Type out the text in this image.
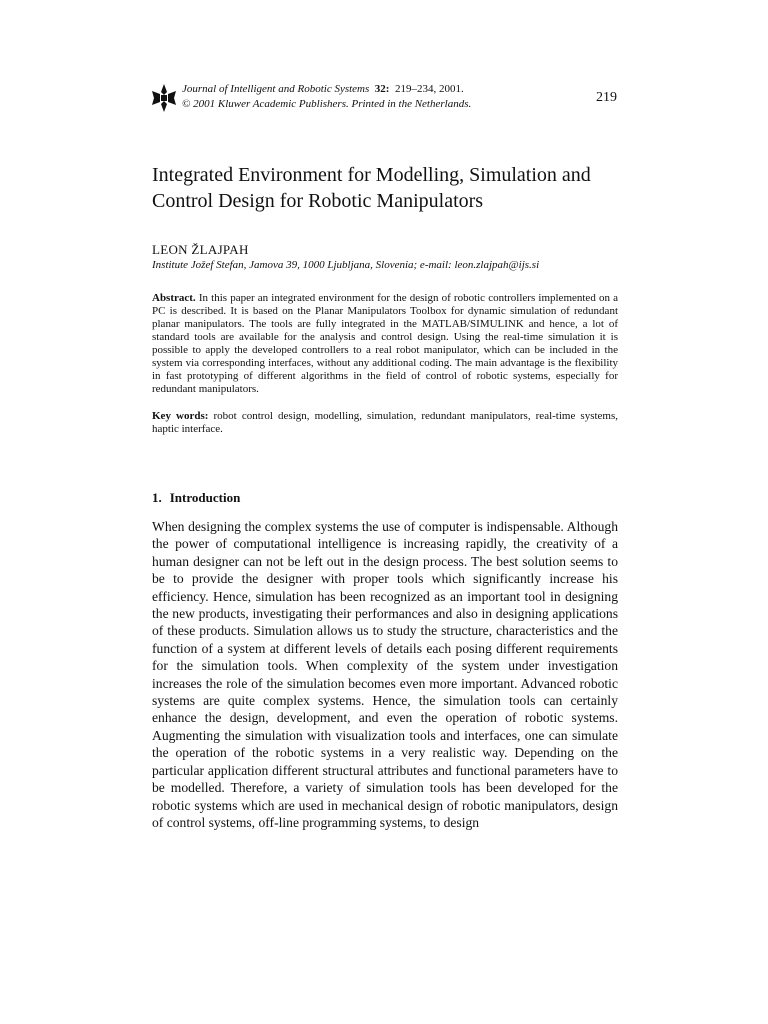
Journal of Intelligent and Robotic Systems 32: 219–234, 2001.
© 2001 Kluwer Academic Publishers. Printed in the Netherlands.	219
Integrated Environment for Modelling, Simulation and Control Design for Robotic Manipulators
LEON ŽLAJPAH
Institute Jožef Stefan, Jamova 39, 1000 Ljubljana, Slovenia; e-mail: leon.zlajpah@ijs.si

Abstract. In this paper an integrated environment for the design of robotic controllers implemented on a PC is described. It is based on the Planar Manipulators Toolbox for dynamic simulation of redundant planar manipulators. The tools are fully integrated in the MATLAB/SIMULINK and hence, a lot of standard tools are available for the analysis and control design. Using the real-time simulation it is possible to apply the developed controllers to a real robot manipulator, which can be included in the system via corresponding interfaces, without any additional coding. The main advantage is the flexibility in fast prototyping of different algorithms in the field of control of robotic systems, especially for redundant manipulators.

Key words: robot control design, modelling, simulation, redundant manipulators, real-time systems, haptic interface.

1. Introduction

When designing the complex systems the use of computer is indispensable. Although the power of computational intelligence is increasing rapidly, the creativity of a human designer can not be left out in the design process. The best solution seems to be to provide the designer with proper tools which significantly increase his efficiency. Hence, simulation has been recognized as an important tool in designing the new products, investigating their performances and also in designing applications of these products. Simulation allows us to study the structure, characteristics and the function of a system at different levels of details each posing different requirements for the simulation tools. When complexity of the system under investigation increases the role of the simulation becomes even more important. Advanced robotic systems are quite complex systems. Hence, the simulation tools can certainly enhance the design, development, and even the operation of robotic systems. Augmenting the simulation with visualization tools and interfaces, one can simulate the operation of the robotic systems in a very realistic way. Depending on the particular application different structural attributes and functional parameters have to be modelled. Therefore, a variety of simulation tools has been developed for the robotic systems which are used in mechanical design of robotic manipulators, design of control systems, off-line programming systems, to design
